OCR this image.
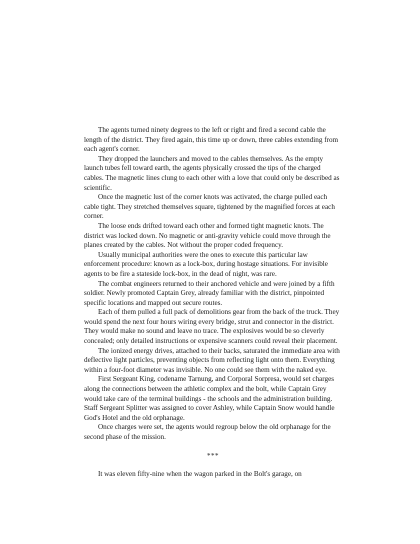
The agents turned ninety degrees to the left or right and fired a second cable the length of the district. They fired again, this time up or down, three cables extending from each agent's corner.

They dropped the launchers and moved to the cables themselves. As the empty launch tubes fell toward earth, the agents physically crossed the tips of the charged cables. The magnetic lines clung to each other with a love that could only be described as scientific.

Once the magnetic lust of the corner knots was activated, the charge pulled each cable tight. They stretched themselves square, tightened by the magnified forces at each corner.

The loose ends drifted toward each other and formed tight magnetic knots. The district was locked down. No magnetic or anti-gravity vehicle could move through the planes created by the cables. Not without the proper coded frequency.

Usually municipal authorities were the ones to execute this particular law enforcement procedure: known as a lock-box, during hostage situations. For invisible agents to be fire a stateside lock-box, in the dead of night, was rare.

The combat engineers returned to their anchored vehicle and were joined by a fifth soldier. Newly promoted Captain Grey, already familiar with the district, pinpointed specific locations and mapped out secure routes.

Each of them pulled a full pack of demolitions gear from the back of the truck. They would spend the next four hours wiring every bridge, strut and connector in the district. They would make no sound and leave no trace. The explosives would be so cleverly concealed; only detailed instructions or expensive scanners could reveal their placement.

The ionized energy drives, attached to their backs, saturated the immediate area with deflective light particles, preventing objects from reflecting light onto them. Everything within a four-foot diameter was invisible. No one could see them with the naked eye.

First Sergeant King, codename Tarnung, and Corporal Sorpresa, would set charges along the connections between the athletic complex and the bolt, while Captain Grey would take care of the terminal buildings - the schools and the administration building. Staff Sergeant Splitter was assigned to cover Ashley, while Captain Snow would handle God's Hotel and the old orphanage.

Once charges were set, the agents would regroup below the old orphanage for the second phase of the mission.

***

It was eleven fifty-nine when the wagon parked in the Bolt's garage, on
